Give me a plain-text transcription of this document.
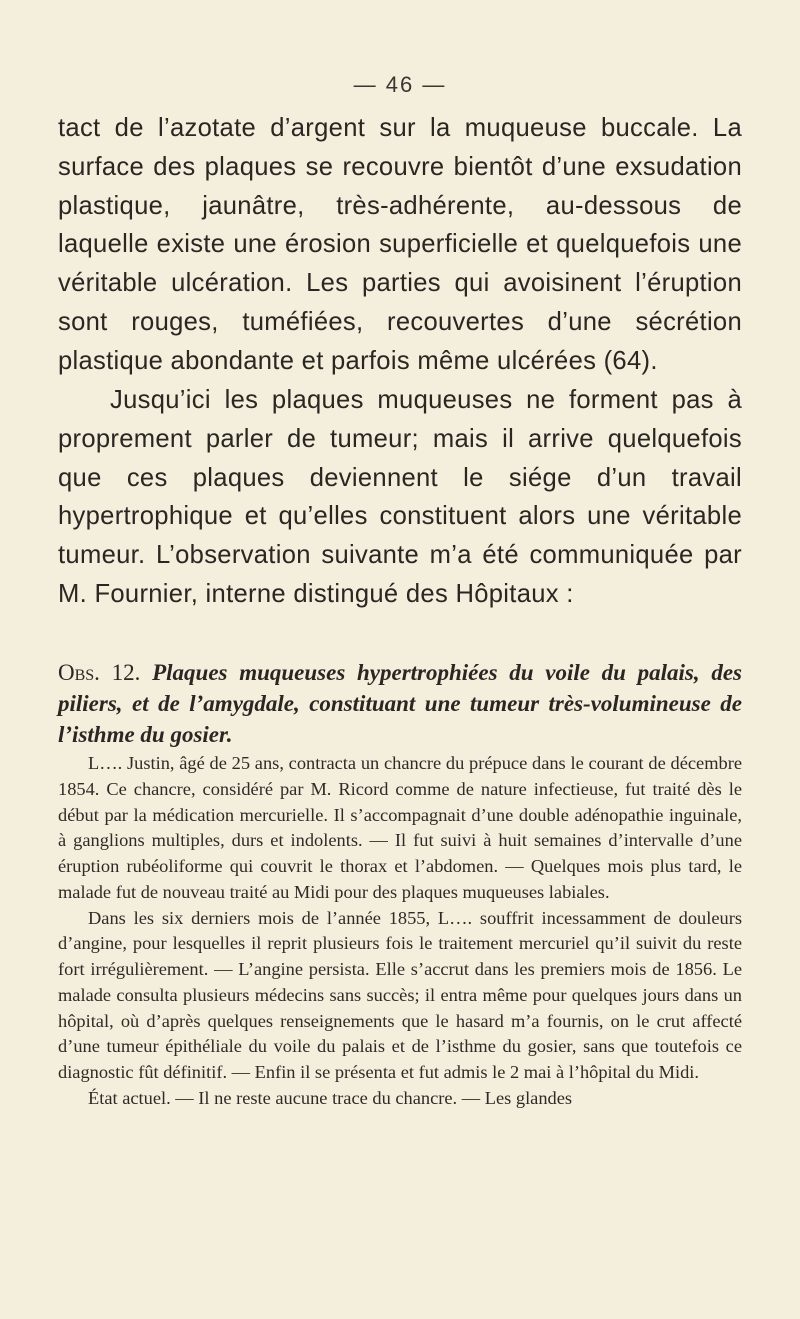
— 46 —

tact de l’azotate d’argent sur la muqueuse buccale. La surface des plaques se recouvre bientôt d’une exsudation plastique, jaunâtre, très-adhérente, au-dessous de laquelle existe une érosion superficielle et quelquefois une véritable ulcération. Les parties qui avoisinent l’éruption sont rouges, tuméfiées, recouvertes d’une sécrétion plastique abondante et parfois même ulcérées (64).

Jusqu’ici les plaques muqueuses ne forment pas à proprement parler de tumeur; mais il arrive quelquefois que ces plaques deviennent le siége d’un travail hypertrophique et qu’elles constituent alors une véritable tumeur. L’observation suivante m’a été communiquée par M. Fournier, interne distingué des Hôpitaux :

Obs. 12. Plaques muqueuses hypertrophiées du voile du palais, des piliers, et de l’amygdale, constituant une tumeur très-volumineuse de l’isthme du gosier.

L…. Justin, âgé de 25 ans, contracta un chancre du prépuce dans le courant de décembre 1854. Ce chancre, considéré par M. Ricord comme de nature infectieuse, fut traité dès le début par la médication mercurielle. Il s’accompagnait d’une double adénopathie inguinale, à ganglions multiples, durs et indolents. — Il fut suivi à huit semaines d’intervalle d’une éruption rubéoliforme qui couvrit le thorax et l’abdomen. — Quelques mois plus tard, le malade fut de nouveau traité au Midi pour des plaques muqueuses labiales.

Dans les six derniers mois de l’année 1855, L…. souffrit incessamment de douleurs d’angine, pour lesquelles il reprit plusieurs fois le traitement mercuriel qu’il suivit du reste fort irrégulièrement. — L’angine persista. Elle s’accrut dans les premiers mois de 1856. Le malade consulta plusieurs médecins sans succès; il entra même pour quelques jours dans un hôpital, où d’après quelques renseignements que le hasard m’a fournis, on le crut affecté d’une tumeur épithéliale du voile du palais et de l’isthme du gosier, sans que toutefois ce diagnostic fût définitif. — Enfin il se présenta et fut admis le 2 mai à l’hôpital du Midi.

État actuel. — Il ne reste aucune trace du chancre. — Les glandes
